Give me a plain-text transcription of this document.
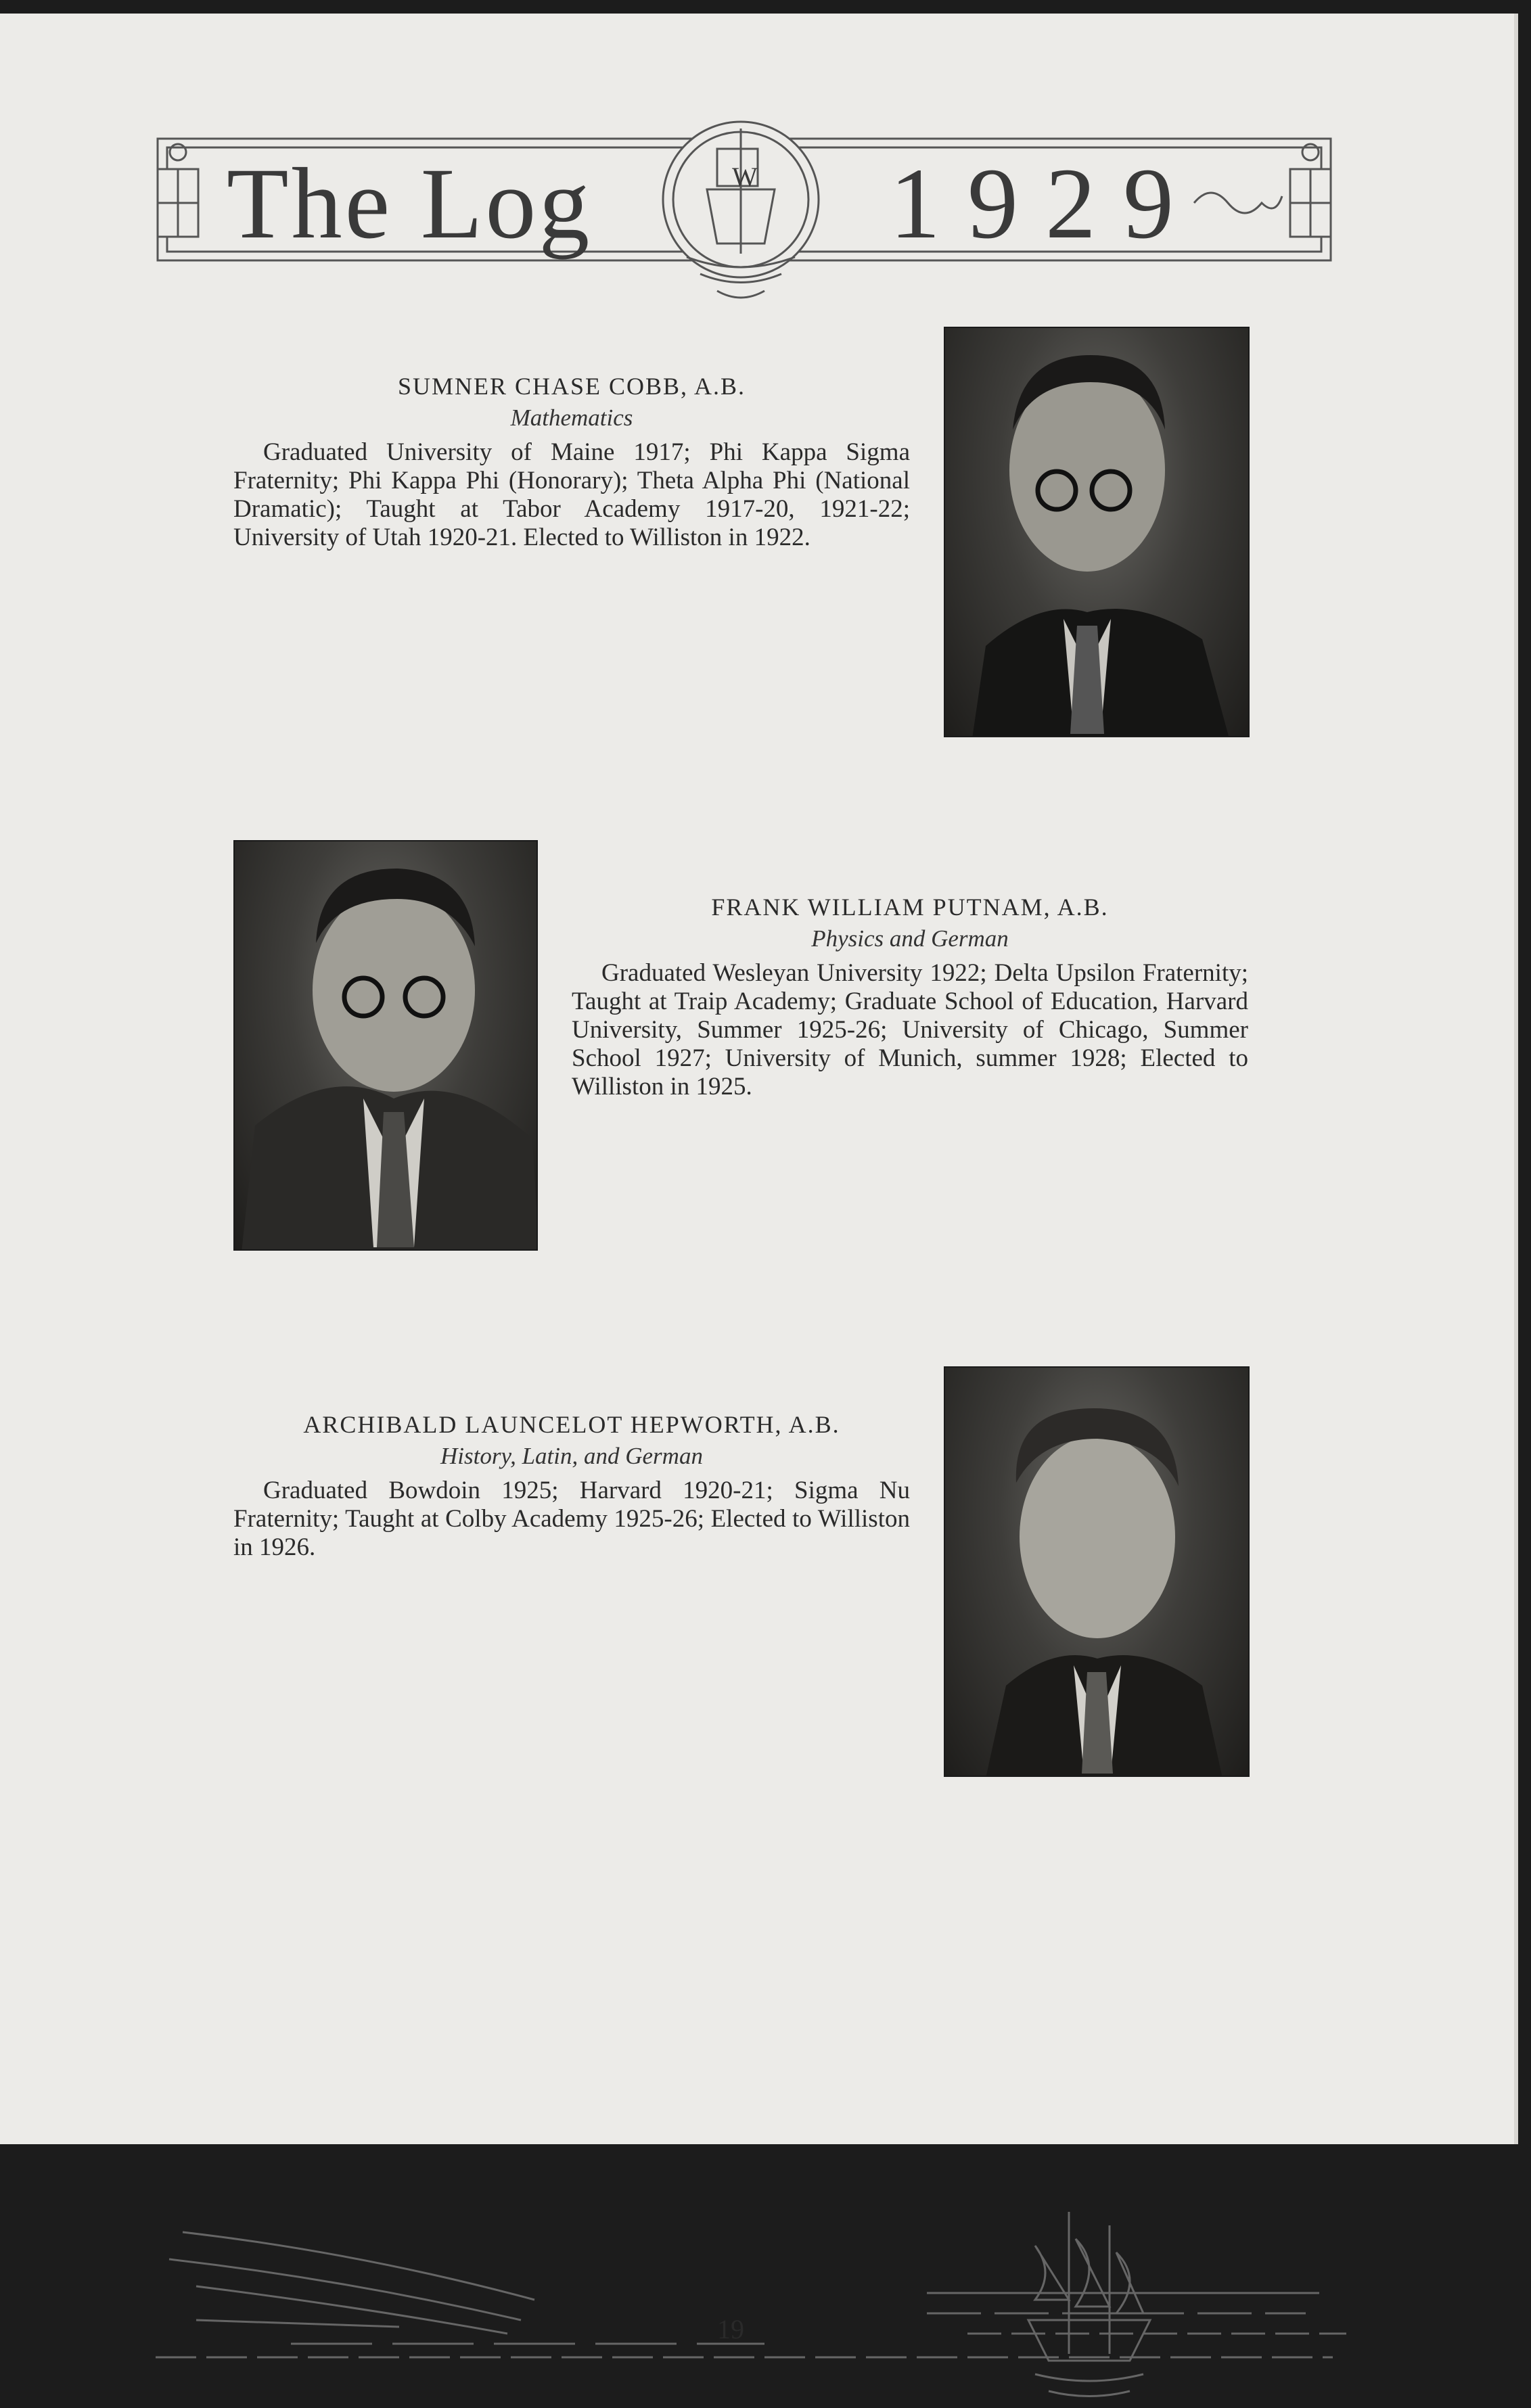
The Log	W 1929

SUMNER CHASE COBB, A.B.

Mathematics

Graduated University of Maine 1917; Phi Kappa Sigma Fraternity; Phi Kappa Phi (Honorary); Theta Alpha Phi (National Dramatic); Taught at Tabor Academy 1917-20, 1921-22; University of Utah 1920-21. Elected to Williston in 1922.

FRANK WILLIAM PUTNAM, A.B.

Physics and German

Graduated Wesleyan University 1922; Delta Upsilon Fraternity; Taught at Traip Academy; Graduate School of Education, Harvard University, Summer 1925-26; University of Chicago, Summer School 1927; University of Munich, summer 1928; Elected to Williston in 1925.

ARCHIBALD LAUNCELOT HEPWORTH, A.B.

History, Latin, and German

Graduated Bowdoin 1925; Harvard 1920-21; Sigma Nu Fraternity; Taught at Colby Academy 1925-26; Elected to Williston in 1926.

19
